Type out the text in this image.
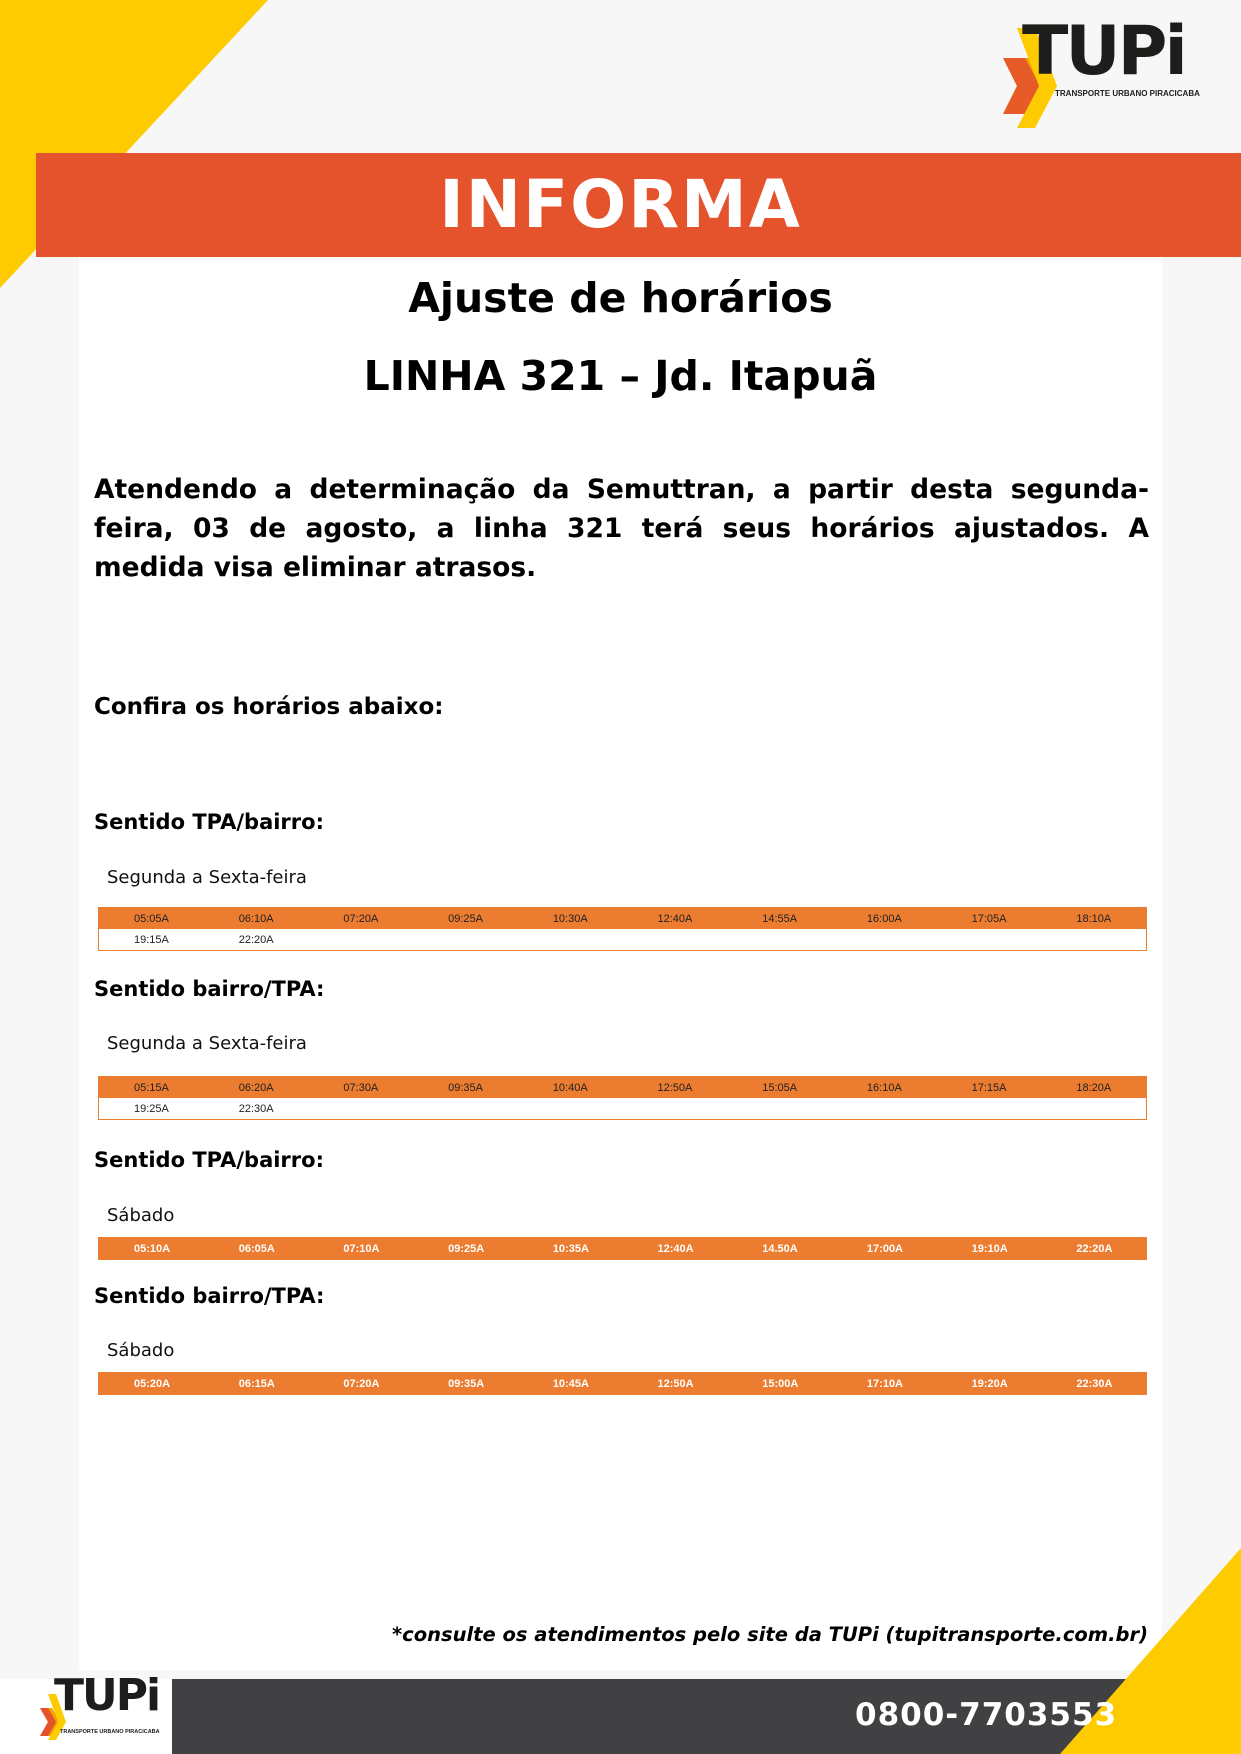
INFORMA
TUPi
TRANSPORTE URBANO PIRACICABA
Ajuste de horários
LINHA 321 – Jd. Itapuã

Atendendo a determinação da Semuttran, a partir desta segunda-feira, 03 de agosto, a linha 321 terá seus horários ajustados. A medida visa eliminar atrasos.

Confira os horários abaixo:
Sentido TPA/bairro:
Segunda a Sexta-feira
05:05A	06:10A	07:20A	09:25A	10:30A	12:40A	14:55A	16:00A	17:05A	18:10A
19:15A	22:20A
Sentido bairro/TPA:
Segunda a Sexta-feira
05:15A	06:20A	07:30A	09:35A	10:40A	12:50A	15:05A	16:10A	17:15A	18:20A
19:25A	22:30A
Sentido TPA/bairro:
Sábado
05:10A	06:05A	07:10A	09:25A	10:35A	12:40A	14.50A	17:00A	19:10A	22:20A
Sentido bairro/TPA:
Sábado
05:20A	06:15A	07:20A	09:35A	10:45A	12:50A	15:00A	17:10A	19:20A	22:30A
*consulte os atendimentos pelo site da TUPi (tupitransporte.com.br)
TUPi
TRANSPORTE URBANO PIRACICABA	0800-7703553
